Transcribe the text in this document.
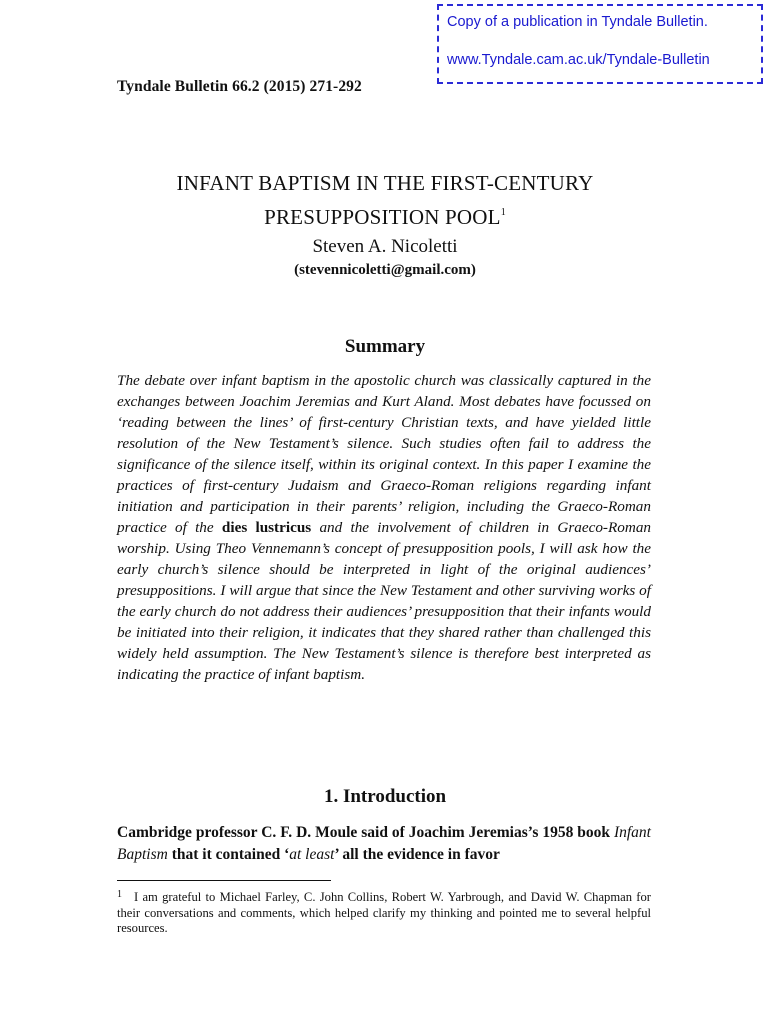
Copy of a publication in Tyndale Bulletin.
www.Tyndale.cam.ac.uk/Tyndale-Bulletin
Tyndale Bulletin 66.2 (2015) 271-292
INFANT BAPTISM IN THE FIRST-CENTURY
PRESUPPOSITION POOL$^1$
Steven A. Nicoletti
(stevennicoletti@gmail.com)
Summary

The debate over infant baptism in the apostolic church was classically captured in the exchanges between Joachim Jeremias and Kurt Aland. Most debates have focussed on ‘reading between the lines’ of first-century Christian texts, and have yielded little resolution of the New Testament’s silence. Such studies often fail to address the significance of the silence itself, within its original context. In this paper I examine the practices of first-century Judaism and Graeco-Roman religions regarding infant initiation and participation in their parents’ religion, including the Graeco-Roman practice of the dies lustricus and the involvement of children in Graeco-Roman worship. Using Theo Vennemann’s concept of presupposition pools, I will ask how the early church’s silence should be interpreted in light of the original audiences’ presuppositions. I will argue that since the New Testament and other surviving works of the early church do not address their audiences’ presupposition that their infants would be initiated into their religion, it indicates that they shared rather than challenged this widely held assumption. The New Testament’s silence is therefore best interpreted as indicating the practice of infant baptism.

1. Introduction

Cambridge professor C. F. D. Moule said of Joachim Jeremias’s 1958 book Infant Baptism that it contained ‘at least’ all the evidence in favor

$^1$ I am grateful to Michael Farley, C. John Collins, Robert W. Yarbrough, and David W. Chapman for their conversations and comments, which helped clarify my thinking and pointed me to several helpful resources.
